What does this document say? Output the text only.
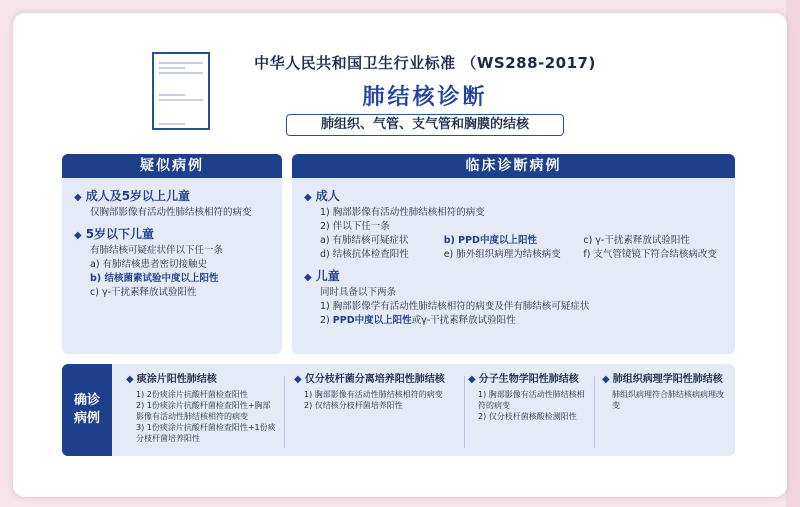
中华人民共和国卫生行业标准 （WS288-2017)
肺结核诊断
肺组织、气管、支气管和胸膜的结核
疑似病例
◆ 成人及5岁以上儿童
仅胸部影像有活动性肺结核相符的病变
◆ 5岁以下儿童
有肺结核可疑症状伴以下任一条
a) 有肺结核患者密切接触史
b) 结核菌素试验中度以上阳性
c) γ-干扰素释放试验阳性
临床诊断病例
◆ 成人
1) 胸部影像有活动性肺结核相符的病变
2) 伴以下任一条
a) 有肺结核可疑症状	b) PPD中度以上阳性	c) γ-干扰素释放试验阳性
d) 结核抗体检查阳性	e) 肺外组织病理为结核病变	f) 支气管镜镜下符合结核病改变
◆ 儿童
同时具备以下两条
1) 胸部影像学有活动性肺结核相符的病变及伴有肺结核可疑症状
2) PPD中度以上阳性或γ-干扰素释放试验阳性
确诊病例
◆ 痰涂片阳性肺结核
1) 2份痰涂片抗酸杆菌检查阳性
2) 1份痰涂片抗酸杆菌检查阳性+胸部影像有活动性肺结核相符的病变
3) 1份痰涂片抗酸杆菌检查阳性+1份痰分枝杆菌培养阳性
◆ 仅分枝杆菌分离培养阳性肺结核
1) 胸部影像有活动性肺结核相符的病变
2) 仅结核分枝杆菌培养阳性
◆ 分子生物学阳性肺结核
1) 胸部影像有活动性肺结核相符的病变
2) 仅分枝杆菌核酸检测阳性
◆ 肺组织病理学阳性肺结核
肺组织病理符合肺结核病病理改变
